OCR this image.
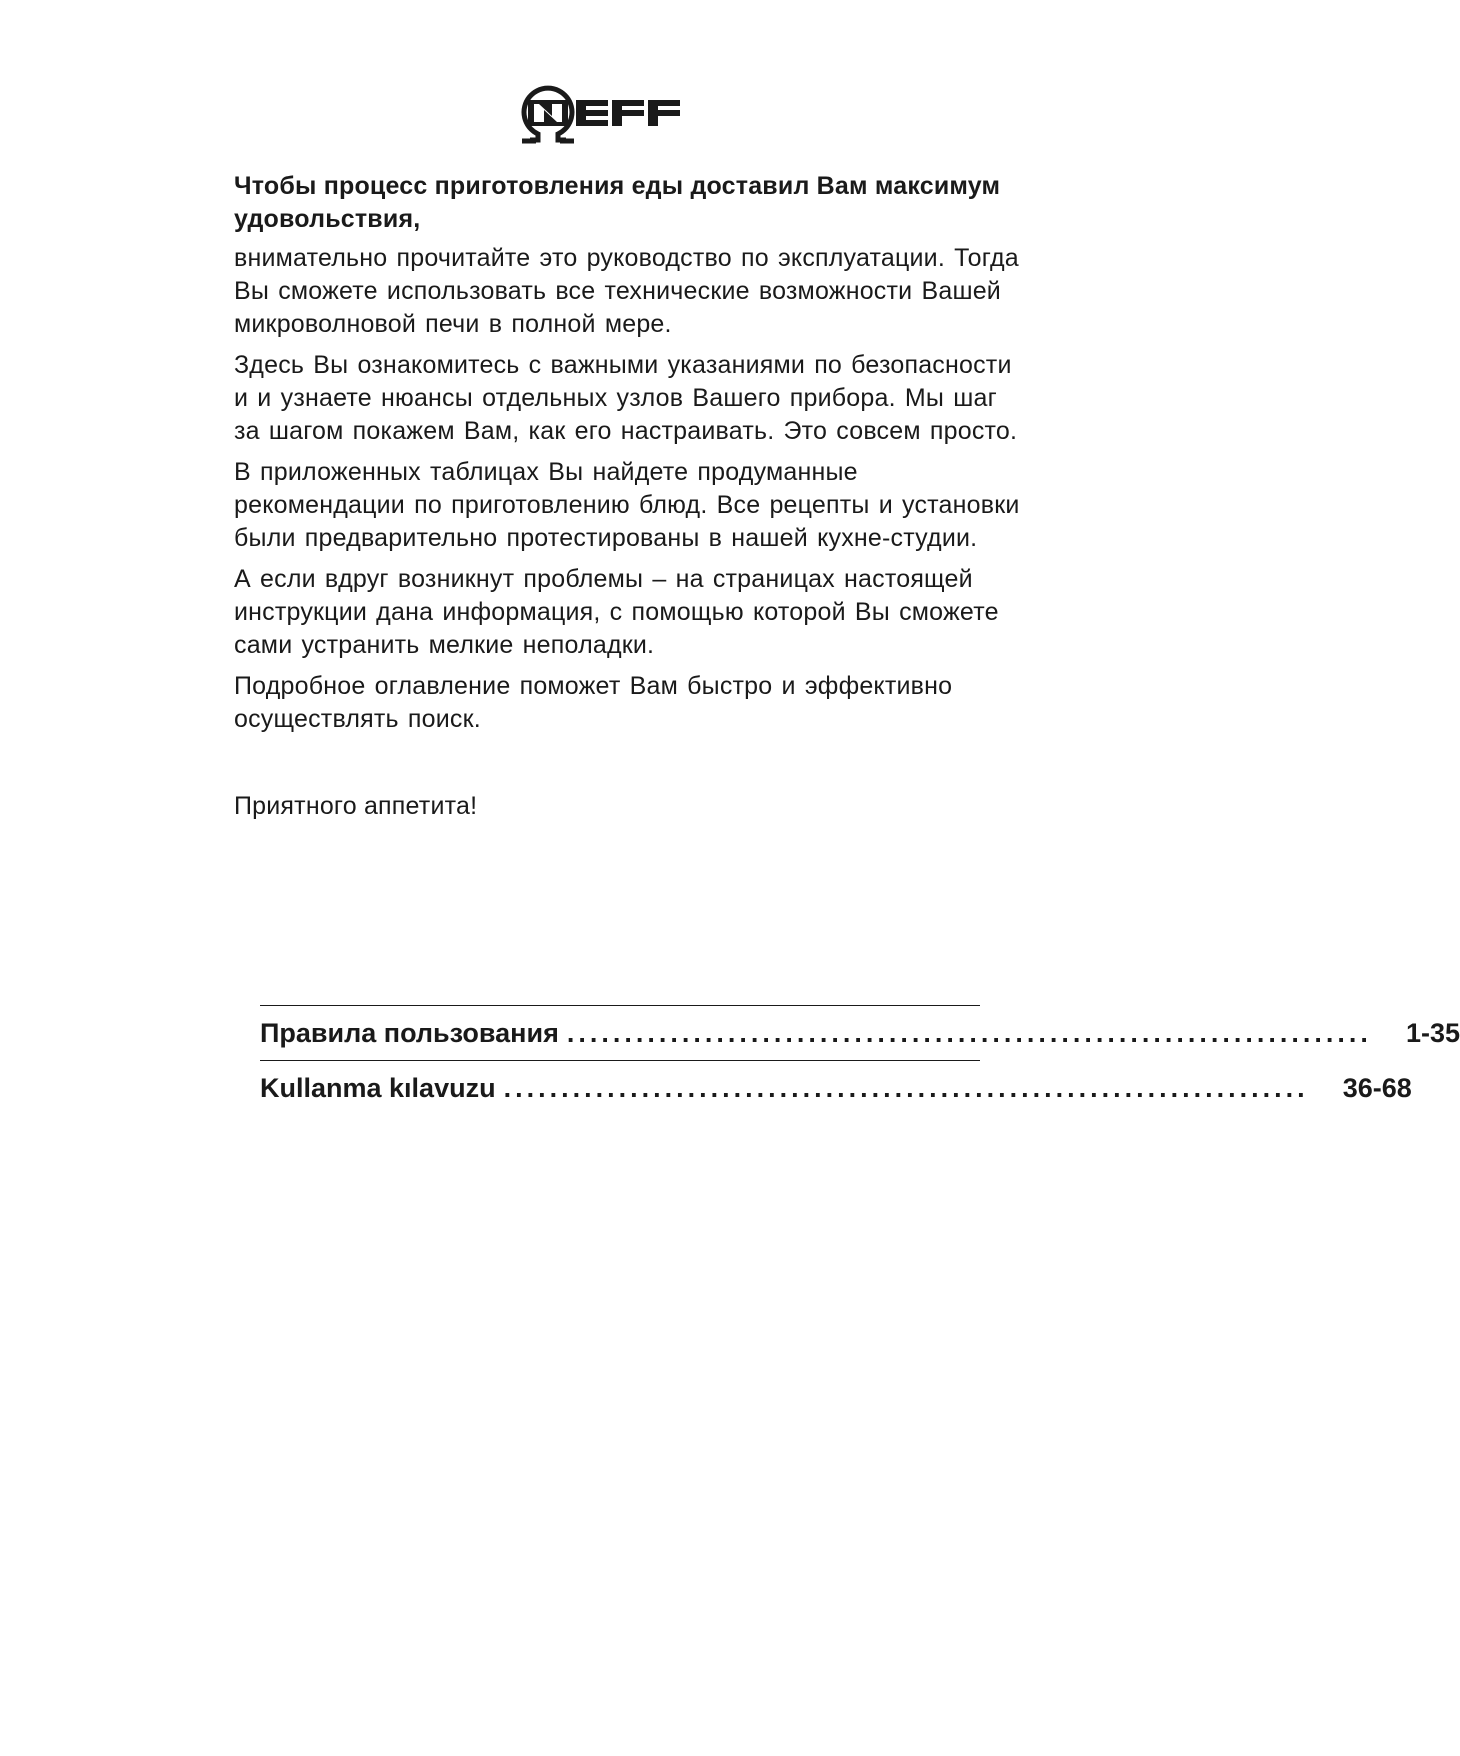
Чтобы процесс приготовления еды доставил Вам максимум удовольствия,

внимательно прочитайте это руководство по эксплуатации. Тогда Вы сможете использовать все технические возможности Вашей микроволновой печи в полной мере.

Здесь Вы ознакомитесь с важными указаниями по безопасности и и узнаете нюансы отдельных узлов Вашего прибора. Мы шаг за шагом покажем Вам, как его настраивать. Это совсем просто.

В приложенных таблицах Вы найдете продуманные рекомендации по приготовлению блюд. Все рецепты и установки были предварительно протестированы в нашей кухне-студии.

А если вдруг возникнут проблемы – на страницах настоящей инструкции дана информация, с помощью которой Вы сможете сами устранить мелкие неполадки.

Подробное оглавление поможет Вам быстро и эффективно осуществлять поиск.

Приятного аппетита!

Правила пользования ...................................................................... 1-35
Kullanma kılavuzu ...................................................................... 36-68
